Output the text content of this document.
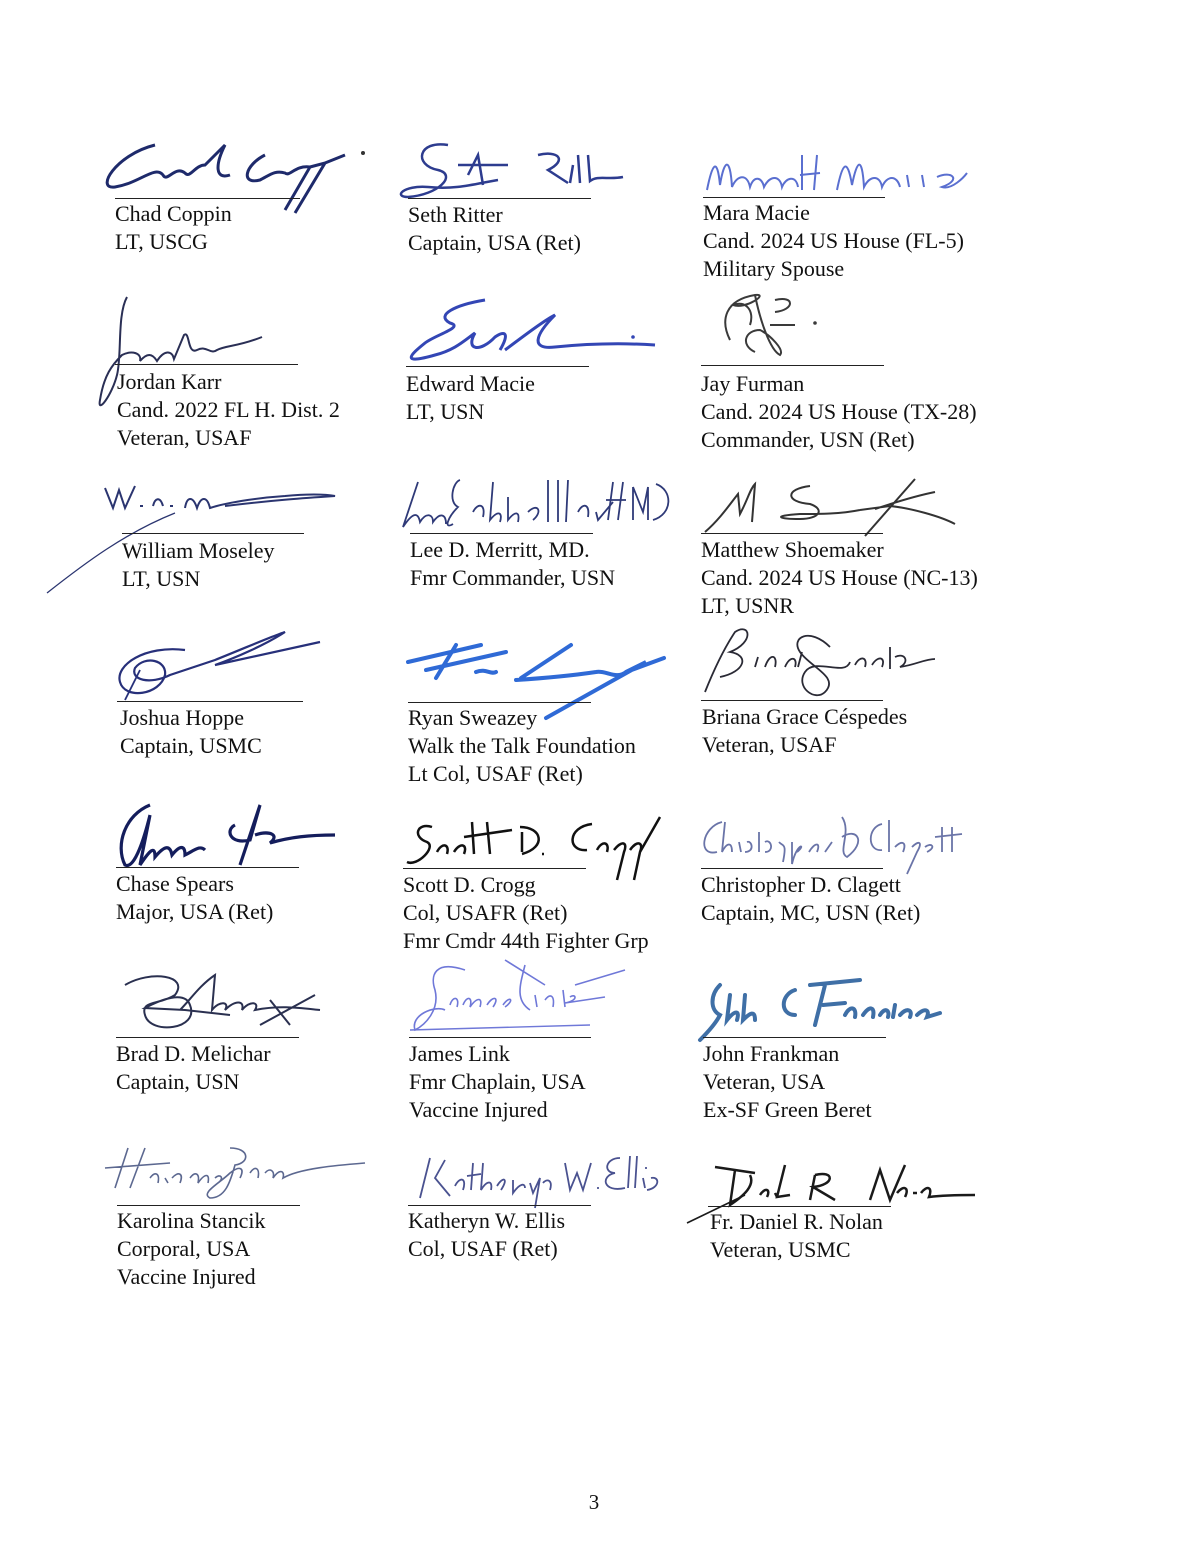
Chad Coppin
LT, USCG
Seth Ritter
Captain, USA (Ret)
Mara Macie
Cand. 2024 US House (FL-5)
Military Spouse
Jordan Karr
Cand. 2022 FL H. Dist. 2
Veteran, USAF
Edward Macie
LT, USN
Jay Furman
Cand. 2024 US House (TX-28)
Commander, USN (Ret)
William Moseley
LT, USN
Lee D. Merritt, MD.
Fmr Commander, USN
Matthew Shoemaker
Cand. 2024 US House (NC-13)
LT, USNR
Joshua Hoppe
Captain, USMC
Ryan Sweazey
Walk the Talk Foundation
Lt Col, USAF (Ret)
Briana Grace Céspedes
Veteran, USAF
Chase Spears
Major, USA (Ret)
Scott D. Crogg
Col, USAFR (Ret)
Fmr Cmdr 44th Fighter Grp
Christopher D. Clagett
Captain, MC, USN (Ret)
Brad D. Melichar
Captain, USN
James Link
Fmr Chaplain, USA
Vaccine Injured
John Frankman
Veteran, USA
Ex-SF Green Beret
Karolina Stancik
Corporal, USA
Vaccine Injured
Katheryn W. Ellis
Col, USAF (Ret)
Fr. Daniel R. Nolan
Veteran, USMC
3
